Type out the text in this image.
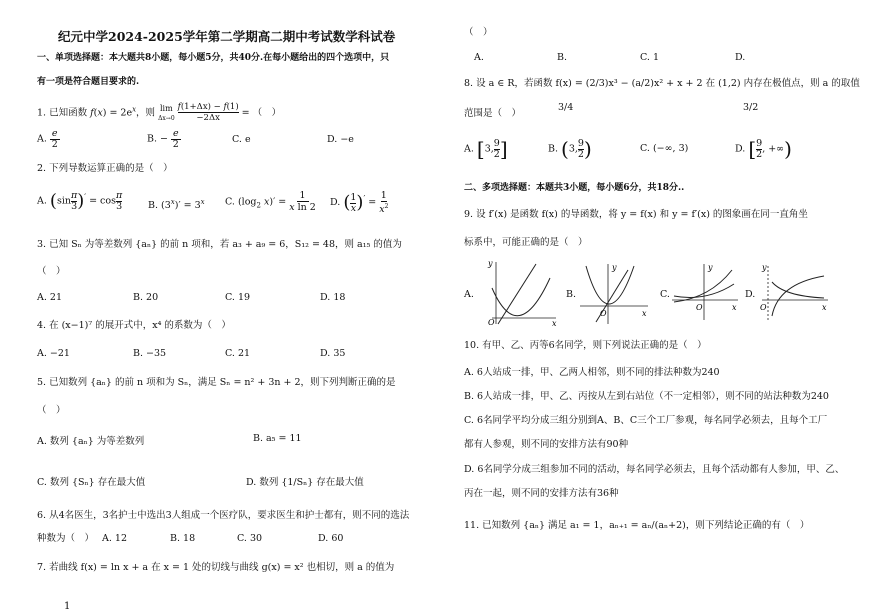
纪元中学2024-2025学年第二学期高二期中考试数学科试卷
一、单项选择题：本大题共8小题，每小题5分，共40分.在每小题给出的四个选项中，只
有一项是符合题目要求的.
1. 已知函数 $f(x) = 2e^x$，则 lim
Δx→0 f(1+Δx) − f(1)
−2Δx = （　）
A. e
2	B. − e
2	C. e	D. −e
2. 下列导数运算正确的是（　）
A. (sinπ
3)′ = cosπ
3	B. $(3^x)' = 3^x$ C. ($\log_2$ x)′ = 1
x ln 2 D. $(\frac{1}{x})' = 1$
$x^2$
3. 已知 Sₙ 为等差数列 {aₙ} 的前 n 项和，若 a₃ + a₉ = 6，S₁₂ = 48，则 a₁₅ 的值为
（　）
A. 21	B. 20	C. 19	D. 18
4. 在 (x−1)⁷ 的展开式中，x⁴ 的系数为（　）
A. −21	B. −35	C. 21	D. 35
5. 已知数列 {aₙ} 的前 n 项和为 Sₙ，满足 Sₙ = n² + 3n + 2，则下列判断正确的是
（　）
A. 数列 {aₙ} 为等差数列	B. a₅ = 11
C. 数列 {Sₙ} 存在最大值	D. 数列 {1/Sₙ} 存在最大值
6. 从4名医生，3名护士中选出3人组成一个医疗队，要求医生和护士都有，则不同的选法
种数为（　） A. 12	B. 18	C. 30	D. 60
7. 若曲线 f(x) = ln x + a 在 x = 1 处的切线与曲线 g(x) = x² 也相切，则 a 的值为
1
（　）
A.	B.	C. 1	D.
8. 设 a ∈ R，若函数 f(x) = (2/3)x³ − (a/2)x² + x + 2 在 (1,2) 内存在极值点，则 a 的取值
范围是（　）
3/4	3/2
A. [3,9
2]	B. (3,9
2)	C. (−∞, 3)	D. [9
2, +∞)
二、多项选择题：本题共3小题，每小题6分，共18分..
9. 设 f′(x) 是函数 f(x) 的导函数，将 y = f(x) 和 y = f′(x) 的图象画在同一直角坐
标系中，可能正确的是（　）
A.	B.	C.	D.
y
O	x
y
O	x
y
O	x
y
O	x
10. 有甲、乙、丙等6名同学，则下列说法正确的是（　）
A. 6人站成一排，甲、乙两人相邻，则不同的排法种数为240
B. 6人站成一排，甲、乙、丙按从左到右站位（不一定相邻），则不同的站法种数为240
C. 6名同学平均分成三组分别到A、B、C三个工厂参观，每名同学必须去，且每个工厂
都有人参观，则不同的安排方法有90种
D. 6名同学分成三组参加不同的活动，每名同学必须去，且每个活动都有人参加，甲、乙、
丙在一起，则不同的安排方法有36种
11. 已知数列 {aₙ} 满足 a₁ = 1，aₙ₊₁ = aₙ/(aₙ+2)，则下列结论正确的有（　）
